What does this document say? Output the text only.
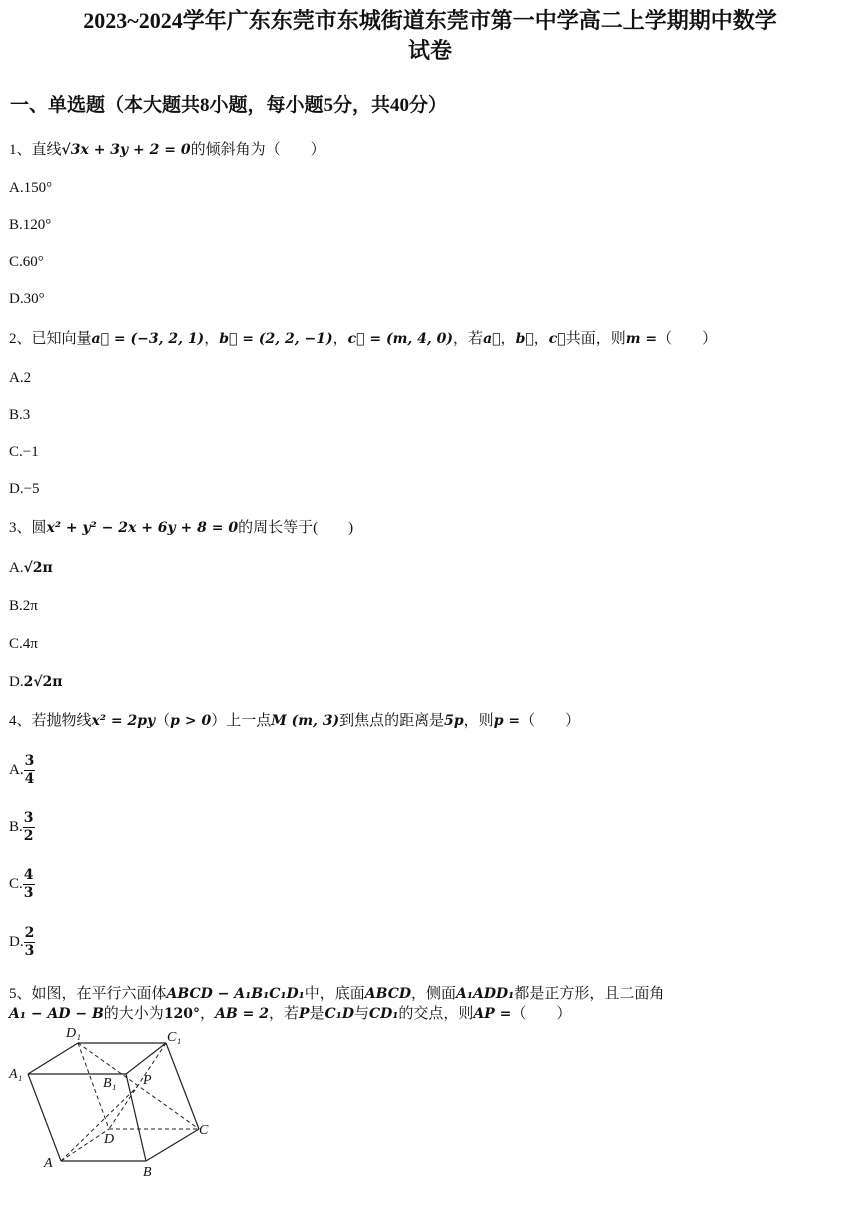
2023~2024学年广东东莞市东城街道东莞市第一中学高二上学期期中数学
试卷
一、单选题（本大题共8小题，每小题5分，共40分）
1、直线√3x + 3y + 2 = 0的倾斜角为（　　）
A.150°
B.120°
C.60°
D.30°
2、已知向量a⃗ = (−3, 2, 1)，b⃗ = (2, 2, −1)，c⃗ = (m, 4, 0)，若a⃗，b⃗，c⃗共面，则m =（　　）
A.2
B.3
C.−1
D.−5
3、圆x² + y² − 2x + 6y + 8 = 0的周长等于(　　)
A.√2π
B.2π
C.4π
D.2√2π
4、若抛物线x² = 2py（p > 0）上一点M (m, 3)到焦点的距离是5p，则p =（　　）
A. $\frac{3}{4}$
B. $\frac{3}{2}$
C. $\frac{4}{3}$
D. $\frac{2}{3}$
5、如图，在平行六面体ABCD − A₁B₁C₁D₁中，底面ABCD，侧面A₁ADD₁都是正方形，且二面角
A₁ − AD − B的大小为120°，AB = 2，若P是C₁D与CD₁的交点，则AP =（　　）
D₁	C₁
A₁
B₁ P
D
C
A
B
